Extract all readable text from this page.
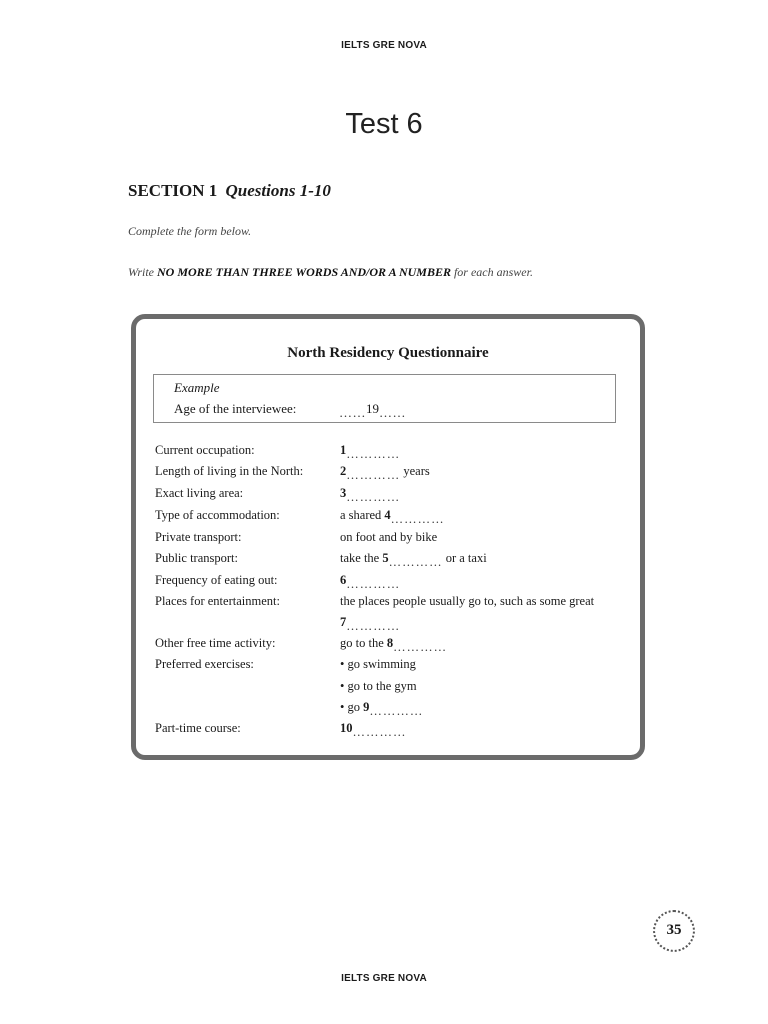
IELTS GRE NOVA
Test 6
SECTION 1 Questions 1-10
Complete the form below.
Write NO MORE THAN THREE WORDS AND/OR A NUMBER for each answer.
North Residency Questionnaire
Example
Age of the interviewee:	……19……
Current occupation:	1…………
Length of living in the North:	2………… years
Exact living area:	3…………
Type of accommodation:	a shared 4…………
Private transport:	on foot and by bike
Public transport:	take the 5………… or a taxi
Frequency of eating out:	6…………
Places for entertainment:	the places people usually go to, such as some great
7…………
Other free time activity:	go to the 8…………
Preferred exercises:	• go swimming
• go to the gym
• go 9…………
Part-time course:	10…………
35
IELTS GRE NOVA
